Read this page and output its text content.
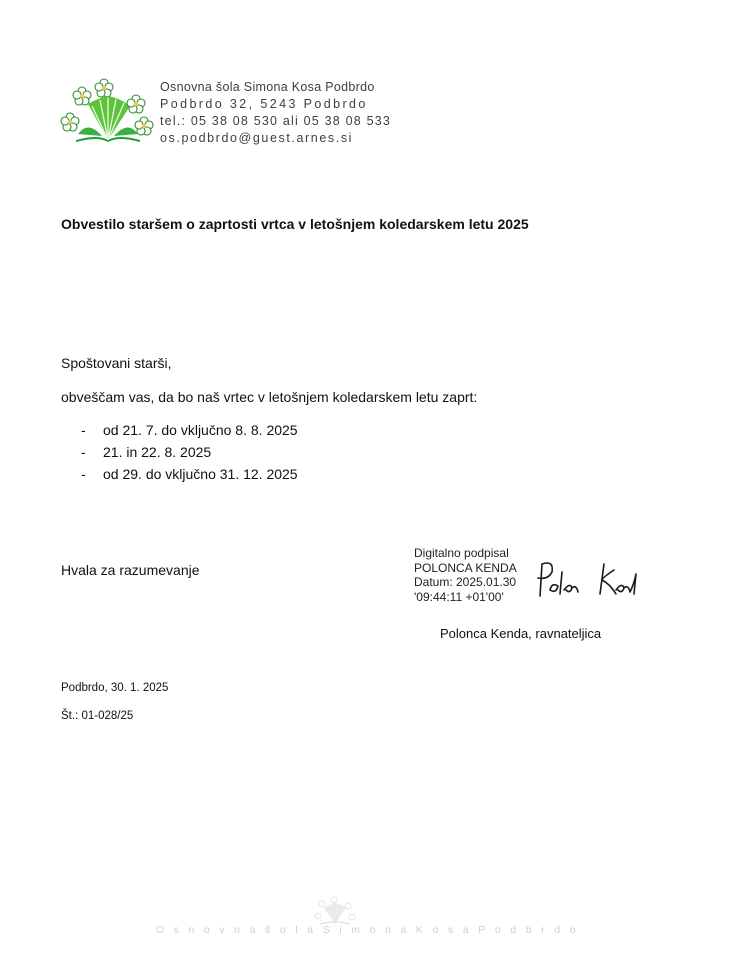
Osnovna šola Simona Kosa Podbrdo
Podbrdo 32, 5243 Podbrdo
tel.: 05 38 08 530 ali 05 38 08 533
os.podbrdo@guest.arnes.si
Obvestilo staršem o zaprtosti vrtca v letošnjem koledarskem letu 2025
Spoštovani starši,
obveščam vas, da bo naš vrtec v letošnjem koledarskem letu zaprt:
- od 21. 7. do vključno 8. 8. 2025
- 21. in 22. 8. 2025
- od 29. do vključno 31. 12. 2025
Hvala za razumevanje
Digitalno podpisal
POLONCA KENDA
Datum: 2025.01.30
'09:44:11 +01'00'
Polonca Kenda, ravnateljica
Podbrdo, 30. 1. 2025
Št.: 01-028/25
OsnovnašolaSimonaKosaPodbrdo
